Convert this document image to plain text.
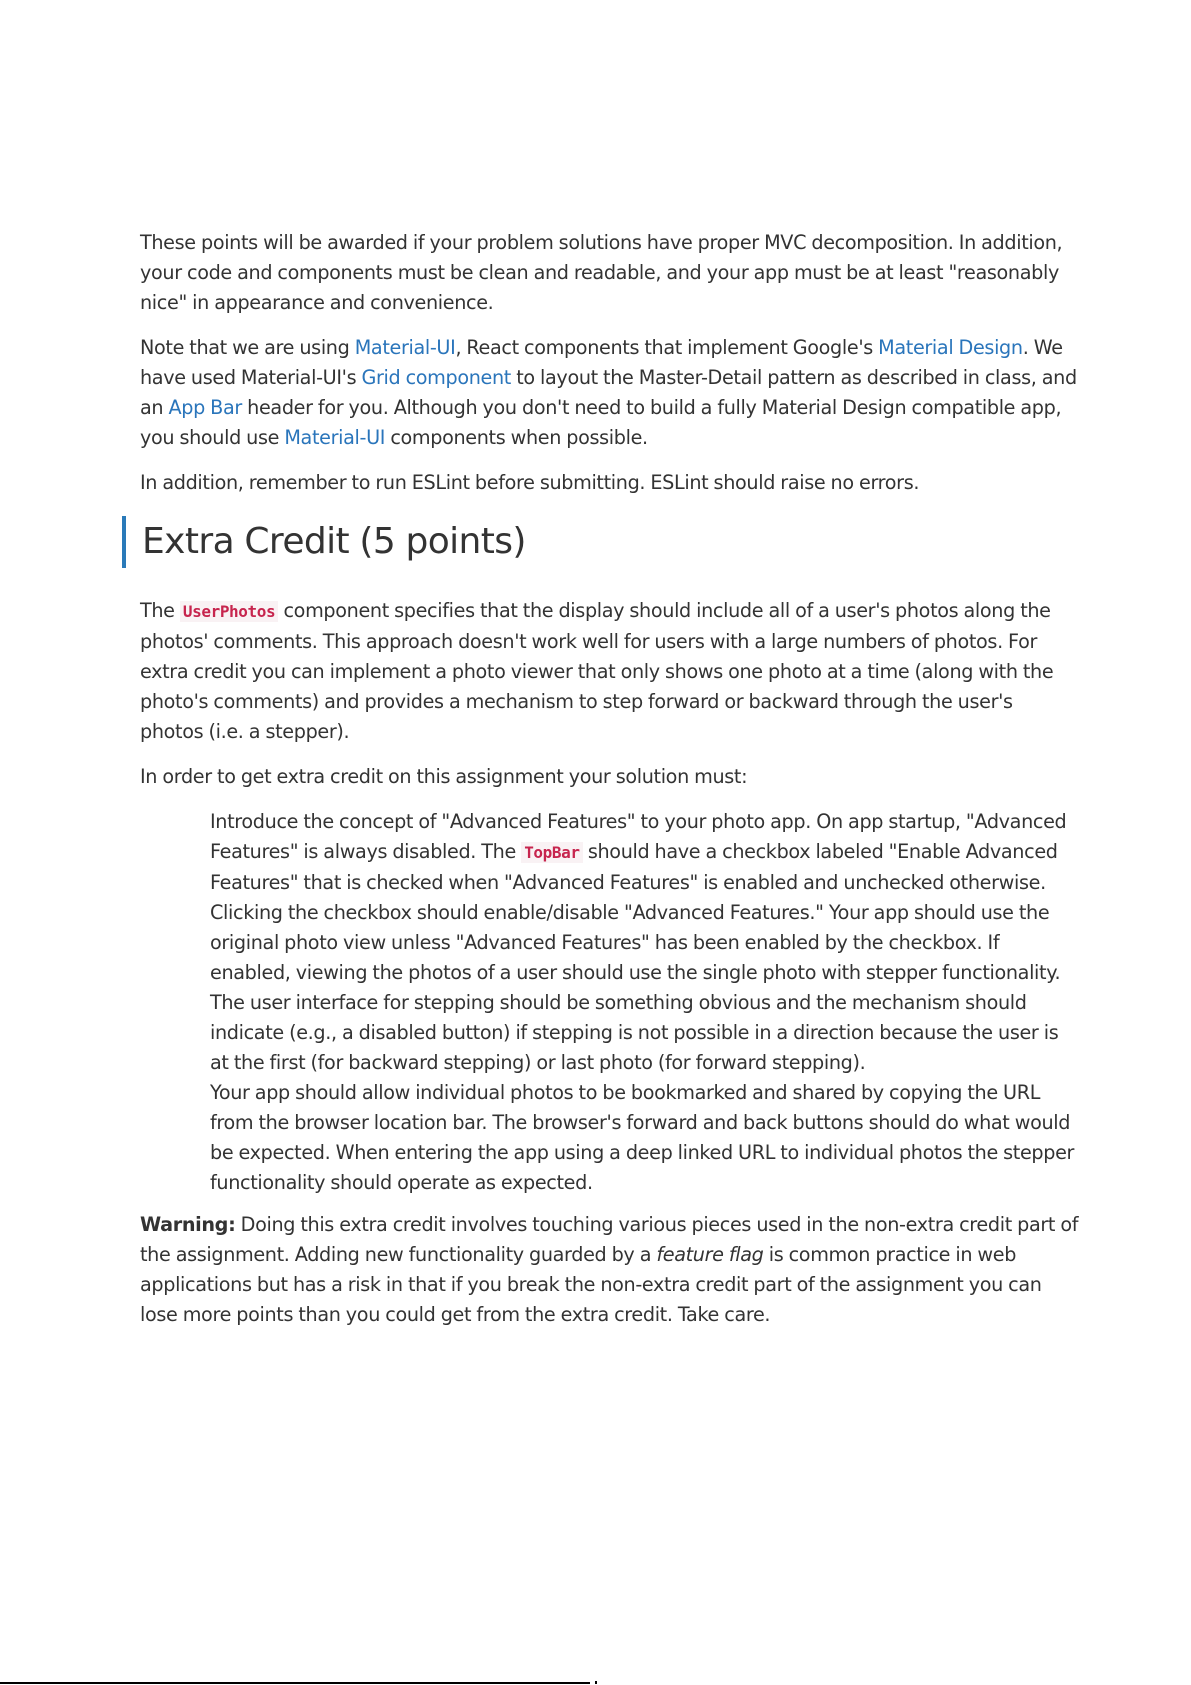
These points will be awarded if your problem solutions have proper MVC decomposition. In addition, your code and components must be clean and readable, and your app must be at least "reasonably nice" in appearance and convenience.

Note that we are using Material-UI, React components that implement Google's Material Design. We have used Material-UI's Grid component to layout the Master-Detail pattern as described in class, and an App Bar header for you. Although you don't need to build a fully Material Design compatible app, you should use Material-UI components when possible.

In addition, remember to run ESLint before submitting. ESLint should raise no errors.

Extra Credit (5 points)

The UserPhotos component specifies that the display should include all of a user's photos along the photos' comments. This approach doesn't work well for users with a large numbers of photos. For extra credit you can implement a photo viewer that only shows one photo at a time (along with the photo's comments) and provides a mechanism to step forward or backward through the user's photos (i.e. a stepper).

In order to get extra credit on this assignment your solution must:

Introduce the concept of "Advanced Features" to your photo app. On app startup, "Advanced Features" is always disabled. The TopBar should have a checkbox labeled "Enable Advanced Features" that is checked when "Advanced Features" is enabled and unchecked otherwise. Clicking the checkbox should enable/disable "Advanced Features." Your app should use the original photo view unless "Advanced Features" has been enabled by the checkbox. If enabled, viewing the photos of a user should use the single photo with stepper functionality.
The user interface for stepping should be something obvious and the mechanism should indicate (e.g., a disabled button) if stepping is not possible in a direction because the user is at the first (for backward stepping) or last photo (for forward stepping).
Your app should allow individual photos to be bookmarked and shared by copying the URL from the browser location bar. The browser's forward and back buttons should do what would be expected. When entering the app using a deep linked URL to individual photos the stepper functionality should operate as expected.

Warning: Doing this extra credit involves touching various pieces used in the non-extra credit part of the assignment. Adding new functionality guarded by a feature flag is common practice in web applications but has a risk in that if you break the non-extra credit part of the assignment you can lose more points than you could get from the extra credit. Take care.
